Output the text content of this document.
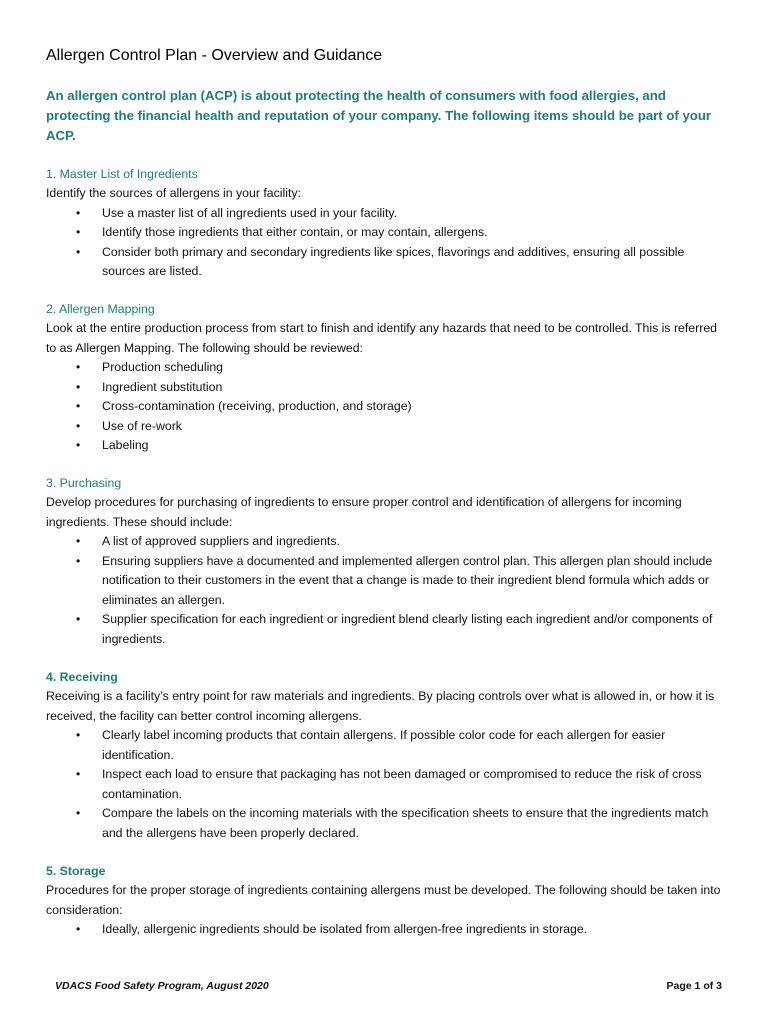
Allergen Control Plan - Overview and Guidance
An allergen control plan (ACP) is about protecting the health of consumers with food allergies, and protecting the financial health and reputation of your company. The following items should be part of your ACP.

1. Master List of Ingredients

Identify the sources of allergens in your facility:

• Use a master list of all ingredients used in your facility.
• Identify those ingredients that either contain, or may contain, allergens.
• Consider both primary and secondary ingredients like spices, flavorings and additives, ensuring all possible sources are listed.

2. Allergen Mapping

Look at the entire production process from start to finish and identify any hazards that need to be controlled. This is referred to as Allergen Mapping. The following should be reviewed:

• Production scheduling
• Ingredient substitution
• Cross-contamination (receiving, production, and storage)
• Use of re-work
• Labeling

3. Purchasing

Develop procedures for purchasing of ingredients to ensure proper control and identification of allergens for incoming ingredients. These should include:

• A list of approved suppliers and ingredients.
• Ensuring suppliers have a documented and implemented allergen control plan. This allergen plan should include notification to their customers in the event that a change is made to their ingredient blend formula which adds or eliminates an allergen.
• Supplier specification for each ingredient or ingredient blend clearly listing each ingredient and/or components of ingredients.

4. Receiving

Receiving is a facility’s entry point for raw materials and ingredients. By placing controls over what is allowed in, or how it is received, the facility can better control incoming allergens.

• Clearly label incoming products that contain allergens. If possible color code for each allergen for easier identification.
• Inspect each load to ensure that packaging has not been damaged or compromised to reduce the risk of cross contamination.
• Compare the labels on the incoming materials with the specification sheets to ensure that the ingredients match and the allergens have been properly declared.

5. Storage

Procedures for the proper storage of ingredients containing allergens must be developed. The following should be taken into consideration:

• Ideally, allergenic ingredients should be isolated from allergen-free ingredients in storage.
VDACS Food Safety Program, August 2020	Page 1 of 3
